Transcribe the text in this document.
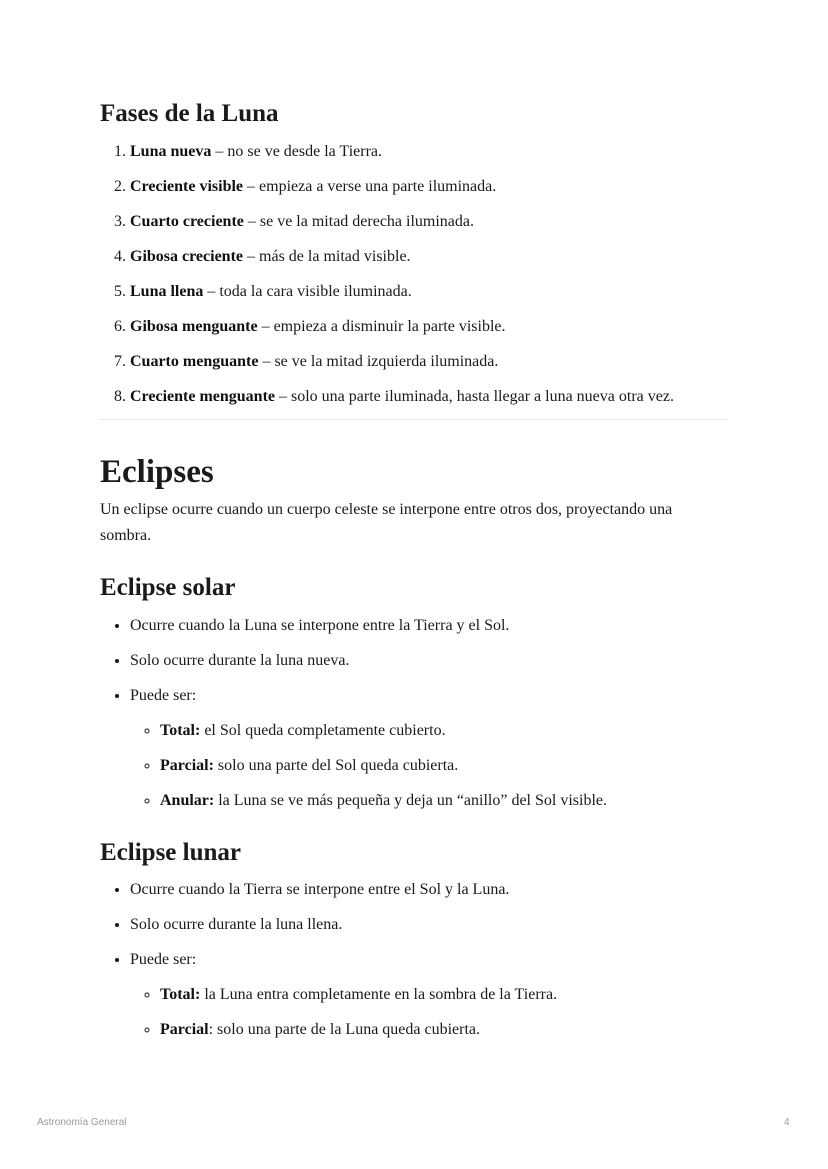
Fases de la Luna
1. Luna nueva – no se ve desde la Tierra.
2. Creciente visible – empieza a verse una parte iluminada.
3. Cuarto creciente – se ve la mitad derecha iluminada.
4. Gibosa creciente – más de la mitad visible.
5. Luna llena – toda la cara visible iluminada.
6. Gibosa menguante – empieza a disminuir la parte visible.
7. Cuarto menguante – se ve la mitad izquierda iluminada.
8. Creciente menguante – solo una parte iluminada, hasta llegar a luna nueva otra vez.
Eclipses

Un eclipse ocurre cuando un cuerpo celeste se interpone entre otros dos, proyectando una sombra.

Eclipse solar
• Ocurre cuando la Luna se interpone entre la Tierra y el Sol.
• Solo ocurre durante la luna nueva.
• Puede ser:
◦ Total: el Sol queda completamente cubierto.
◦ Parcial: solo una parte del Sol queda cubierta.
◦ Anular: la Luna se ve más pequeña y deja un “anillo” del Sol visible.
Eclipse lunar
• Ocurre cuando la Tierra se interpone entre el Sol y la Luna.
• Solo ocurre durante la luna llena.
• Puede ser:
◦ Total: la Luna entra completamente en la sombra de la Tierra.
◦ Parcial: solo una parte de la Luna queda cubierta.
Astronomía General	4
